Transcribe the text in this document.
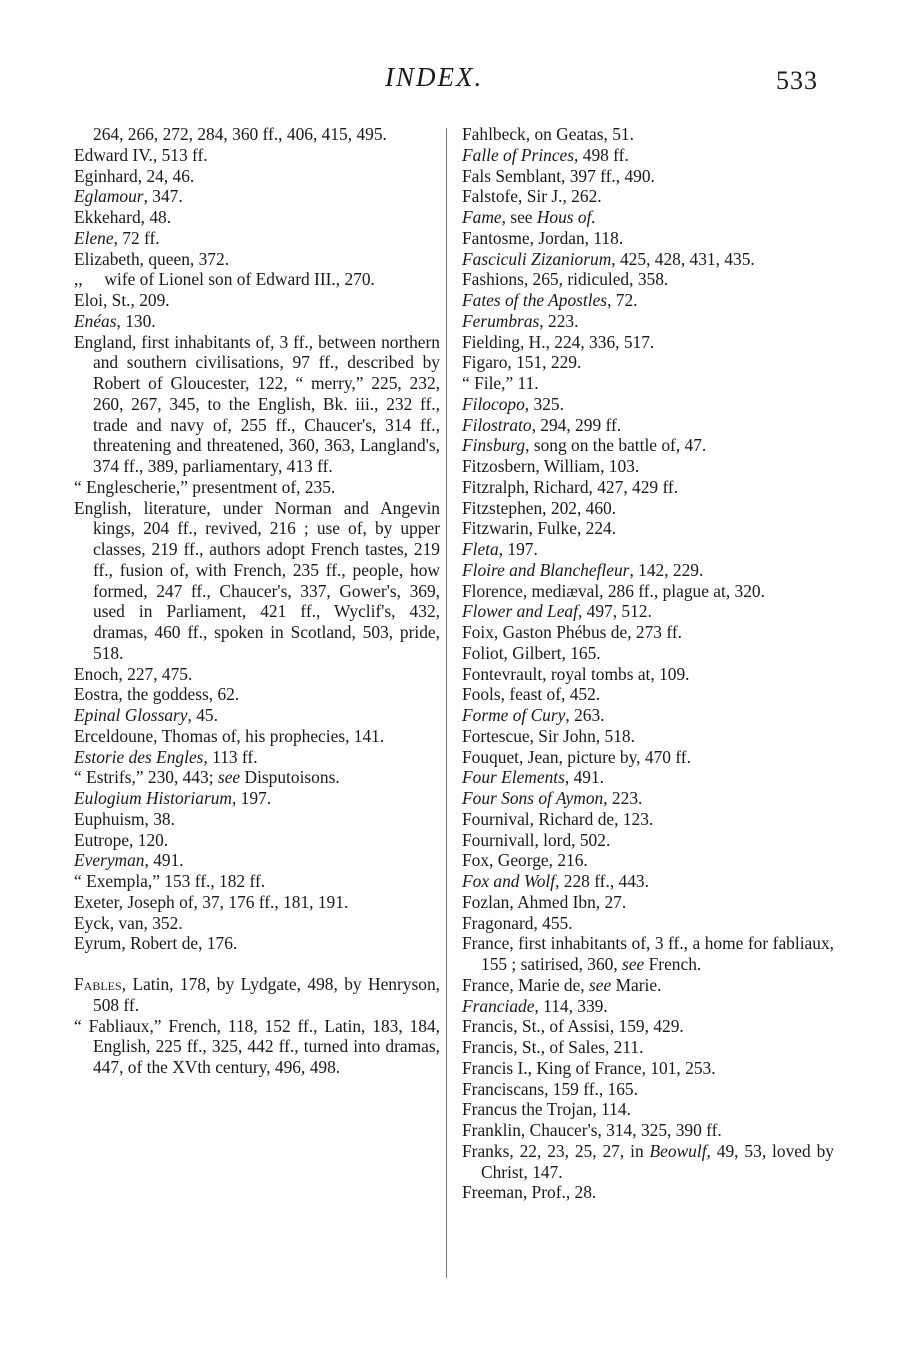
INDEX.	533

264, 266, 272, 284, 360 ff., 406, 415, 495.

Edward IV., 513 ff.

Eginhard, 24, 46.

Eglamour, 347.

Ekkehard, 48.

Elene, 72 ff.

Elizabeth, queen, 372.

,,     wife of Lionel son of Edward III., 270.

Eloi, St., 209.

Enéas, 130.

England, first inhabitants of, 3 ff., between northern and southern civilisations, 97 ff., described by Robert of Gloucester, 122, “ merry,” 225, 232, 260, 267, 345, to the English, Bk. iii., 232 ff., trade and navy of, 255 ff., Chaucer's, 314 ff., threatening and threatened, 360, 363, Langland's, 374 ff., 389, parliamentary, 413 ff.

“ Englescherie,” presentment of, 235.

English, literature, under Norman and Angevin kings, 204 ff., revived, 216 ; use of, by upper classes, 219 ff., authors adopt French tastes, 219 ff., fusion of, with French, 235 ff., people, how formed, 247 ff., Chaucer's, 337, Gower's, 369, used in Parliament, 421 ff., Wyclif's, 432, dramas, 460 ff., spoken in Scotland, 503, pride, 518.

Enoch, 227, 475.

Eostra, the goddess, 62.

Epinal Glossary, 45.

Erceldoune, Thomas of, his prophecies, 141.

Estorie des Engles, 113 ff.

“ Estrifs,” 230, 443; see Disputoisons.

Eulogium Historiarum, 197.

Euphuism, 38.

Eutrope, 120.

Everyman, 491.

“ Exempla,” 153 ff., 182 ff.

Exeter, Joseph of, 37, 176 ff., 181, 191.

Eyck, van, 352.

Eyrum, Robert de, 176.

Fables, Latin, 178, by Lydgate, 498, by Henryson, 508 ff.

“ Fabliaux,” French, 118, 152 ff., Latin, 183, 184, English, 225 ff., 325, 442 ff., turned into dramas, 447, of the XVth century, 496, 498.

Fahlbeck, on Geatas, 51.

Falle of Princes, 498 ff.

Fals Semblant, 397 ff., 490.

Falstofe, Sir J., 262.

Fame, see Hous of.

Fantosme, Jordan, 118.

Fasciculi Zizaniorum, 425, 428, 431, 435.

Fashions, 265, ridiculed, 358.

Fates of the Apostles, 72.

Ferumbras, 223.

Fielding, H., 224, 336, 517.

Figaro, 151, 229.

“ File,” 11.

Filocopo, 325.

Filostrato, 294, 299 ff.

Finsburg, song on the battle of, 47.

Fitzosbern, William, 103.

Fitzralph, Richard, 427, 429 ff.

Fitzstephen, 202, 460.

Fitzwarin, Fulke, 224.

Fleta, 197.

Floire and Blanchefleur, 142, 229.

Florence, mediæval, 286 ff., plague at, 320.

Flower and Leaf, 497, 512.

Foix, Gaston Phébus de, 273 ff.

Foliot, Gilbert, 165.

Fontevrault, royal tombs at, 109.

Fools, feast of, 452.

Forme of Cury, 263.

Fortescue, Sir John, 518.

Fouquet, Jean, picture by, 470 ff.

Four Elements, 491.

Four Sons of Aymon, 223.

Fournival, Richard de, 123.

Fournivall, lord, 502.

Fox, George, 216.

Fox and Wolf, 228 ff., 443.

Fozlan, Ahmed Ibn, 27.

Fragonard, 455.

France, first inhabitants of, 3 ff., a home for fabliaux, 155 ; satirised, 360, see French.

France, Marie de, see Marie.

Franciade, 114, 339.

Francis, St., of Assisi, 159, 429.

Francis, St., of Sales, 211.

Francis I., King of France, 101, 253.

Franciscans, 159 ff., 165.

Francus the Trojan, 114.

Franklin, Chaucer's, 314, 325, 390 ff.

Franks, 22, 23, 25, 27, in Beowulf, 49, 53, loved by Christ, 147.

Freeman, Prof., 28.
